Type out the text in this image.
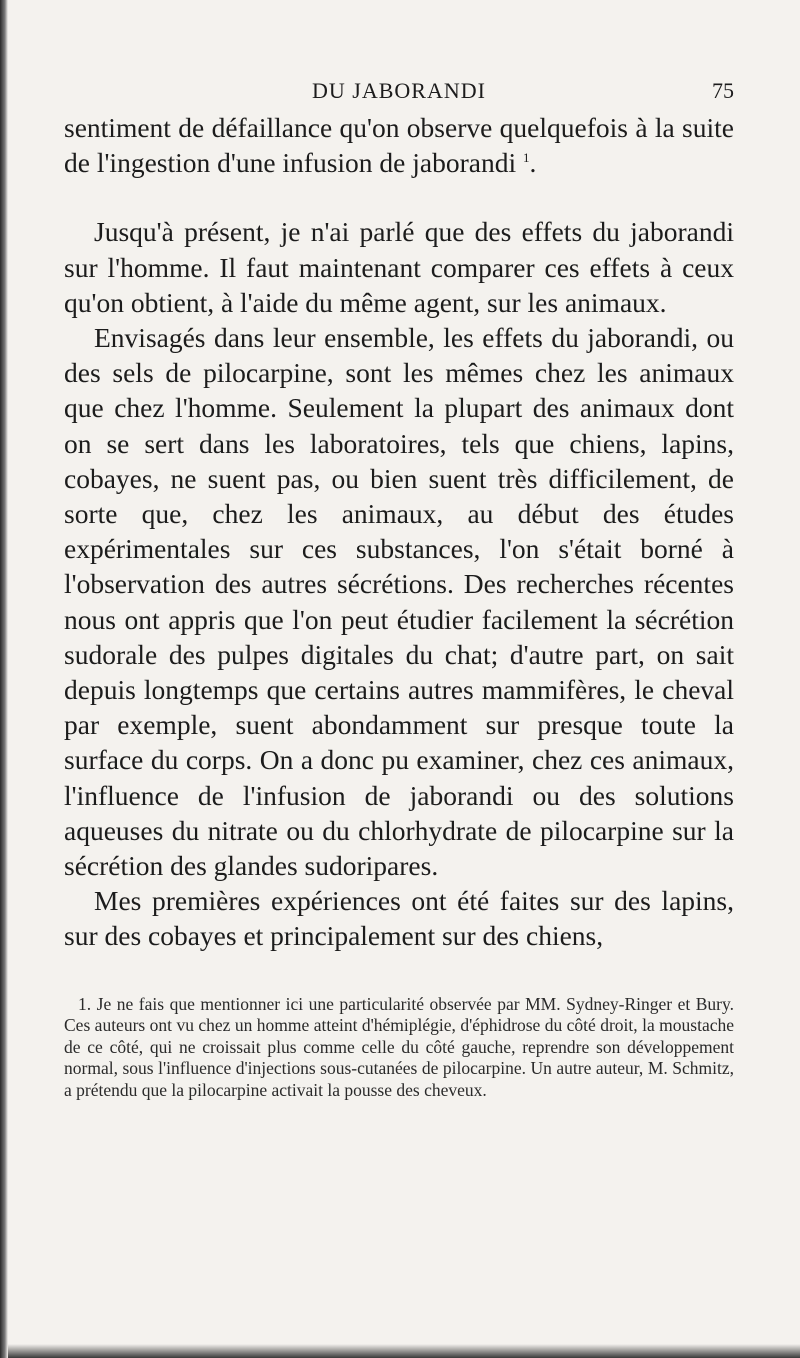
DU JABORANDI	75

sentiment de défaillance qu'on observe quelquefois à la suite de l'ingestion d'une infusion de jaborandi $^1$.

Jusqu'à présent, je n'ai parlé que des effets du jaborandi sur l'homme. Il faut maintenant comparer ces effets à ceux qu'on obtient, à l'aide du même agent, sur les animaux.

Envisagés dans leur ensemble, les effets du jaborandi, ou des sels de pilocarpine, sont les mêmes chez les animaux que chez l'homme. Seulement la plupart des animaux dont on se sert dans les laboratoires, tels que chiens, lapins, cobayes, ne suent pas, ou bien suent très difficilement, de sorte que, chez les animaux, au début des études expérimentales sur ces substances, l'on s'était borné à l'observation des autres sécrétions. Des recherches récentes nous ont appris que l'on peut étudier facilement la sécrétion sudorale des pulpes digitales du chat; d'autre part, on sait depuis longtemps que certains autres mammifères, le cheval par exemple, suent abondamment sur presque toute la surface du corps. On a donc pu examiner, chez ces animaux, l'influence de l'infusion de jaborandi ou des solutions aqueuses du nitrate ou du chlorhydrate de pilocarpine sur la sécrétion des glandes sudoripares.

Mes premières expériences ont été faites sur des lapins, sur des cobayes et principalement sur des chiens,

1. Je ne fais que mentionner ici une particularité observée par MM. Sydney-Ringer et Bury. Ces auteurs ont vu chez un homme atteint d'hémiplégie, d'éphidrose du côté droit, la moustache de ce côté, qui ne croissait plus comme celle du côté gauche, reprendre son développement normal, sous l'influence d'injections sous-cutanées de pilocarpine. Un autre auteur, M. Schmitz, a prétendu que la pilocarpine activait la pousse des cheveux.
